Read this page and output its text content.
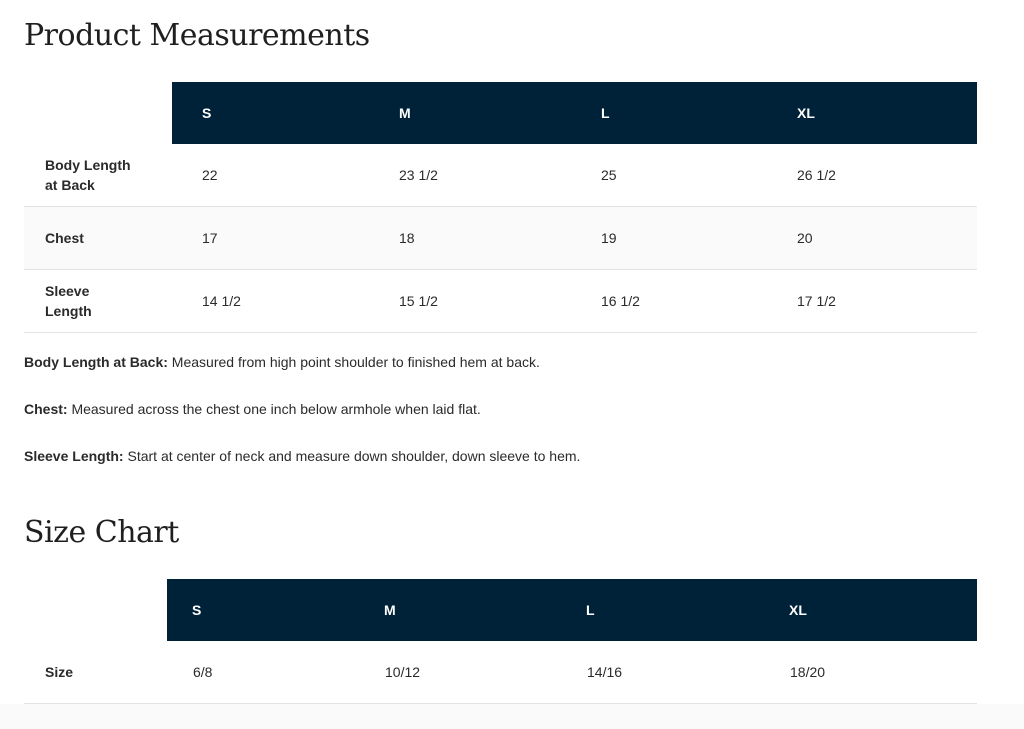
Product Measurements
	S	M	L	XL
Body Length at Back	22	23 1/2	25	26 1/2
Chest	17	18	19	20
Sleeve Length	14 1/2	15 1/2	16 1/2	17 1/2

Body Length at Back: Measured from high point shoulder to finished hem at back.

Chest: Measured across the chest one inch below armhole when laid flat.

Sleeve Length: Start at center of neck and measure down shoulder, down sleeve to hem.

Size Chart
	S	M	L	XL
Size	6/8	10/12	14/16	18/20
